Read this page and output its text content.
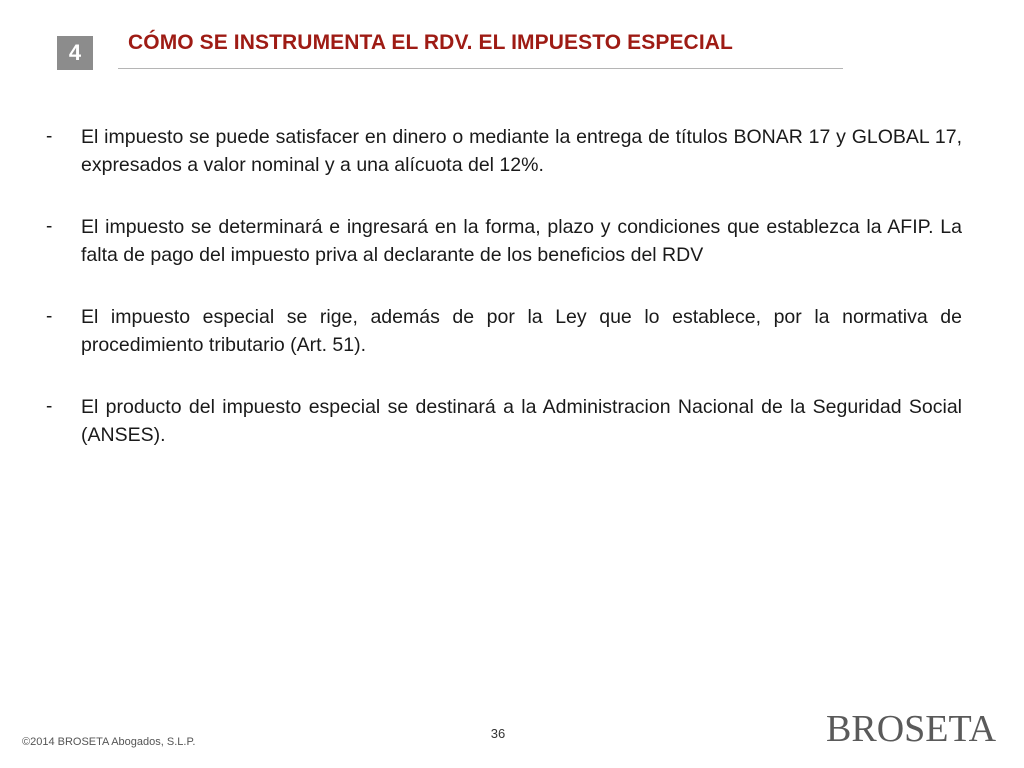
4	CÓMO SE INSTRUMENTA EL RDV. EL IMPUESTO ESPECIAL
-	El impuesto se puede satisfacer en dinero o mediante la entrega de títulos BONAR 17 y GLOBAL 17, expresados a valor nominal y a una alícuota del 12%.
-	El impuesto se determinará e ingresará en la forma, plazo y condiciones que establezca la AFIP. La falta de pago del impuesto priva al declarante de los beneficios del RDV
-	El impuesto especial se rige, además de por la Ley que lo establece, por la normativa de procedimiento tributario (Art. 51).
-	El producto del impuesto especial se destinará a la Administracion Nacional de la Seguridad Social (ANSES).
36
©2014 BROSETA Abogados, S.L.P.	BROSETA
